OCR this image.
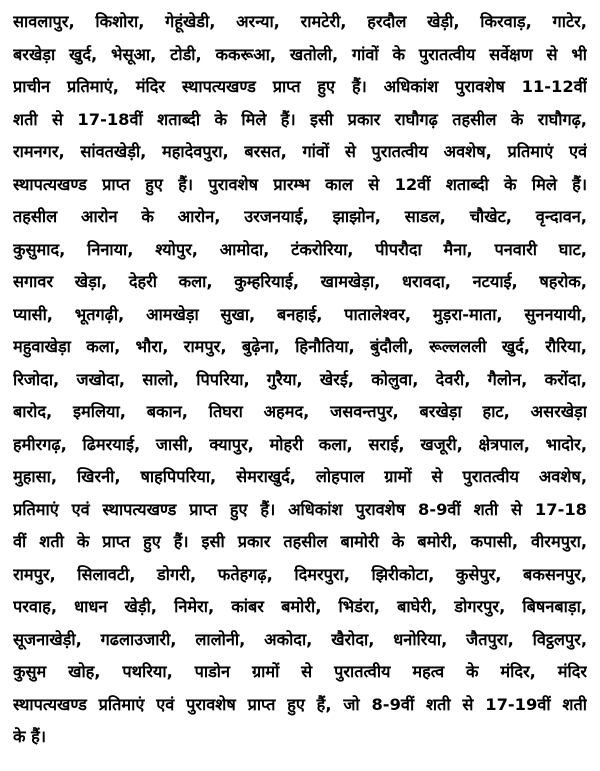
सावलापुर, किशोरा, गेहूंखेडी, अरन्या, रामटेरी, हरदौल खेड़ी, किरवाड़, गाटेर,
बरखेड़ा खुर्द, भेसूआ, टोडी, ककरूआ, खतोली, गांवों के पुरातत्वीय सर्वेक्षण से भी
प्राचीन प्रतिमाएं, मंदिर स्थापत्यखण्ड प्राप्त हुए हैं। अधिकांश पुरावशेष 11-12वीं
शती से 17-18वीं शताब्दी के मिले हैं। इसी प्रकार राघौगढ़ तहसील के राघौगढ़,
रामनगर, सांवतखेड़ी, महादेवपुरा, बरसत, गांवों से पुरातत्वीय अवशेष, प्रतिमाएं एवं
स्थापत्यखण्ड प्राप्त हुए हैं। पुरावशेष प्रारम्भ काल से 12वीं शताब्दी के मिले हैं।
तहसील आरोन के आरोन, उरजनयाई, झाझोन, साडल, चौखेट, वृन्दावन,
कुसुमाद, निनाया, श्योपुर, आमोदा, टंकरोरिया, पीपरौदा मैना, पनवारी घाट,
सगावर खेड़ा, देहरी कला, कुम्हरियाई, खामखेड़ा, धरावदा, नटयाई, षहरोक,
प्यासी, भूतगढ़ी, आमखेड़ा सुखा, बनहाई, पातालेश्वर, मुड़रा-माता, सुननयायी,
महुवाखेड़ा कला, भौरा, रामपुर, बुढ़ेना, हिनौतिया, बुंदौली, रूल्ललली खुर्द, रौरिया,
रिजोदा, जखोदा, सालो, पिपरिया, गुरैया, खेरई, कोलुवा, देवरी, गैलोन, करोंदा,
बारोद, इमलिया, बकान, तिघरा अहमद, जसवन्तपुर, बरखेड़ा हाट, असरखेड़ा
हमीरगढ़, ढिमरयाई, जासी, क्यापुर, मोहरी कला, सराई, खजूरी, क्षेत्रपाल, भादोर,
मुहासा, खिरनी, षाहपिपरिया, सेमराखुर्द, लोहपाल ग्रामों से पुरातत्वीय अवशेष,
प्रतिमाएं एवं स्थापत्यखण्ड प्राप्त हुए हैं। अधिकांश पुरावशेष 8-9वीं शती से 17-18
वीं शती के प्राप्त हुए हैं। इसी प्रकार तहसील बामोरी के बमोरी, कपासी, वीरमपुरा,
रामपुर, सिलावटी, डोगरी, फतेहगढ़, दिमरपुरा, झिरीकोटा, कुसेपुर, बकसनपुर,
परवाह, धाधन खेड़ी, निमेरा, कांबर बमोरी, भिडंरा, बाघेरी, डोगरपुर, बिषनबाड़ा,
सूजनाखेड़ी, गढलाउजारी, लालोनी, अकोदा, खैरोदा, धनोरिया, जैतपुरा, विट्ठलपुर,
कुसुम खोह, पथरिया, पाडोन ग्रामों से पुरातत्वीय महत्व के मंदिर, मंदिर
स्थापत्यखण्ड प्रतिमाएं एवं पुरावशेष प्राप्त हुए हैं, जो 8-9वीं शती से 17-19वीं शती
के हैं।
